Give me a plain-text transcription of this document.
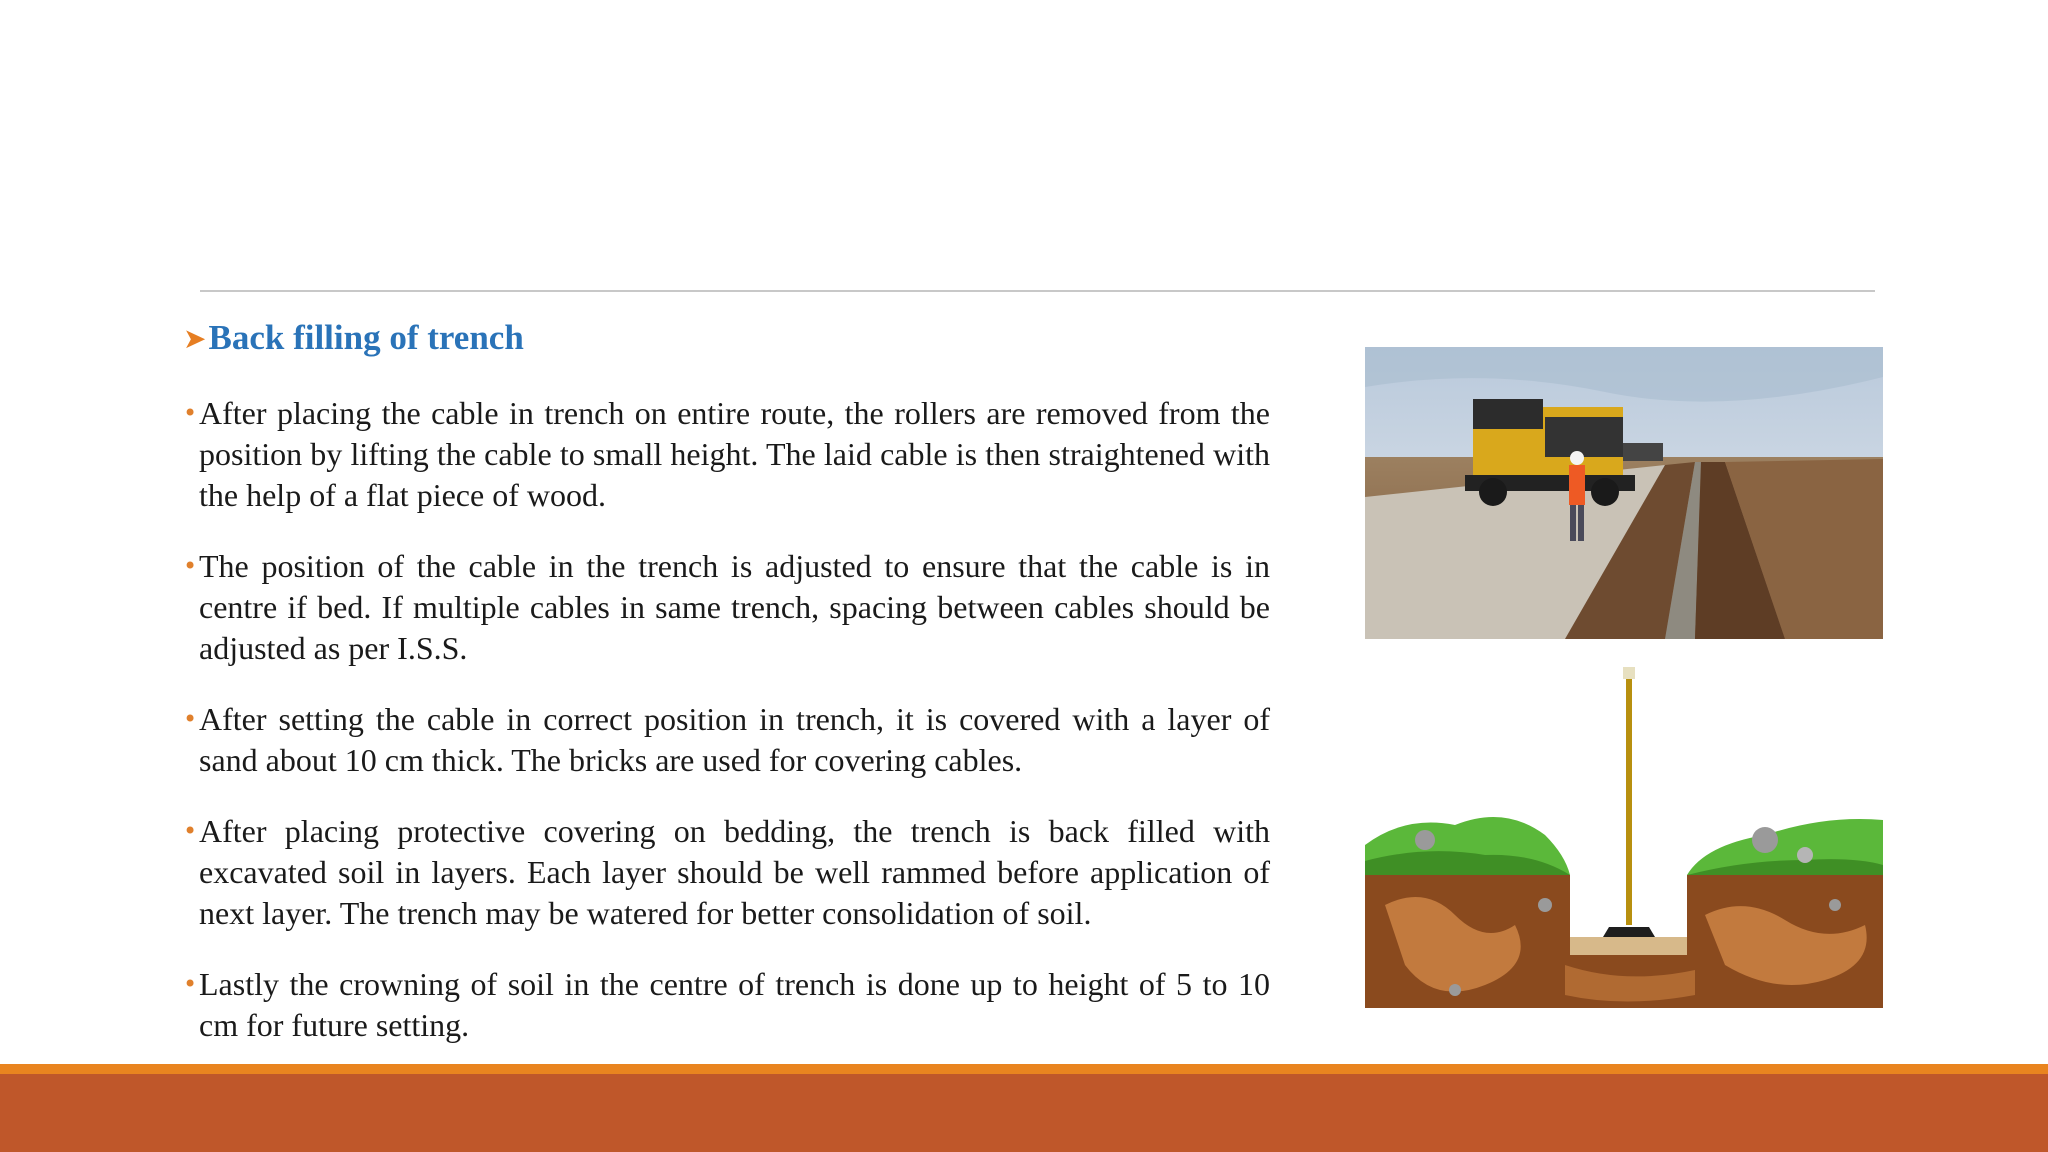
➤ Back filling of trench
• After placing the cable in trench on entire route, the rollers are removed from the position by lifting the cable to small height. The laid cable is then straightened with the help of a flat piece of wood.
• The position of the cable in the trench is adjusted to ensure that the cable is in centre if bed. If multiple cables in same trench, spacing between cables should be adjusted as per I.S.S.
• After setting the cable in correct position in trench, it is covered with a layer of sand about 10 cm thick. The bricks are used for covering cables.
• After placing protective covering on bedding, the trench is back filled with excavated soil in layers. Each layer should be well rammed before application of next layer. The trench may be watered for better consolidation of soil.
• Lastly the crowning of soil in the centre of trench is done up to height of 5 to 10 cm for future setting.
